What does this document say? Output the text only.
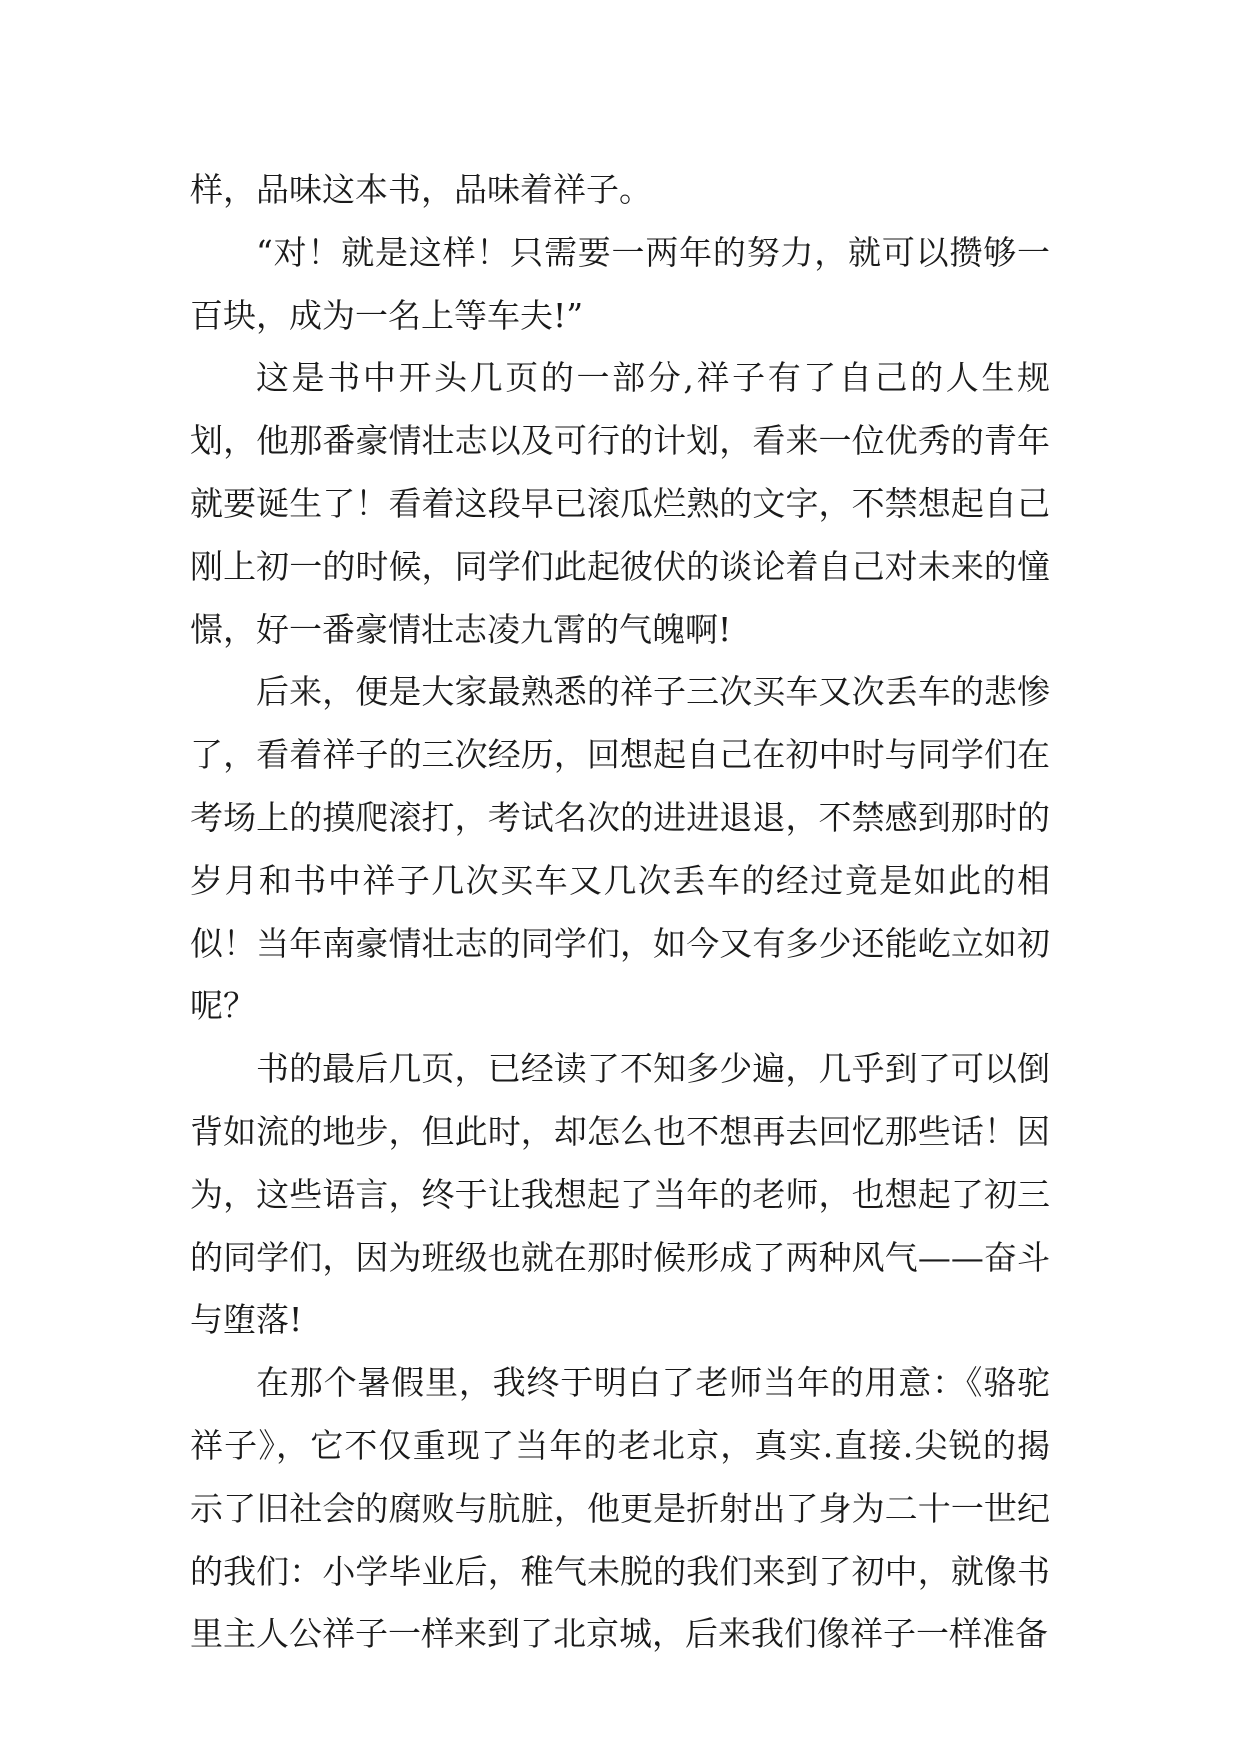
样，品味这本书，品味着祥子。

“对！就是这样！只需要一两年的努力，就可以攒够一百块，成为一名上等车夫!”

这是书中开头几页的一部分,祥子有了自己的人生规划，他那番豪情壮志以及可行的计划，看来一位优秀的青年就要诞生了！看着这段早已滚瓜烂熟的文字，不禁想起自己刚上初一的时候，同学们此起彼伏的谈论着自己对未来的憧憬，好一番豪情壮志凌九霄的气魄啊!

后来，便是大家最熟悉的祥子三次买车又次丢车的悲惨了，看着祥子的三次经历，回想起自己在初中时与同学们在考场上的摸爬滚打，考试名次的进进退退，不禁感到那时的岁月和书中祥子几次买车又几次丢车的经过竟是如此的相似！当年南豪情壮志的同学们，如今又有多少还能屹立如初呢？

书的最后几页，已经读了不知多少遍，几乎到了可以倒背如流的地步，但此时，却怎么也不想再去回忆那些话！因为，这些语言，终于让我想起了当年的老师，也想起了初三的同学们，因为班级也就在那时候形成了两种风气——奋斗与堕落!

在那个暑假里，我终于明白了老师当年的用意：《骆驼祥子》，它不仅重现了当年的老北京，真实.直接.尖锐的揭示了旧社会的腐败与肮脏，他更是折射出了身为二十一世纪的我们：小学毕业后，稚气未脱的我们来到了初中，就像书里主人公祥子一样来到了北京城，后来我们像祥子一样准备
